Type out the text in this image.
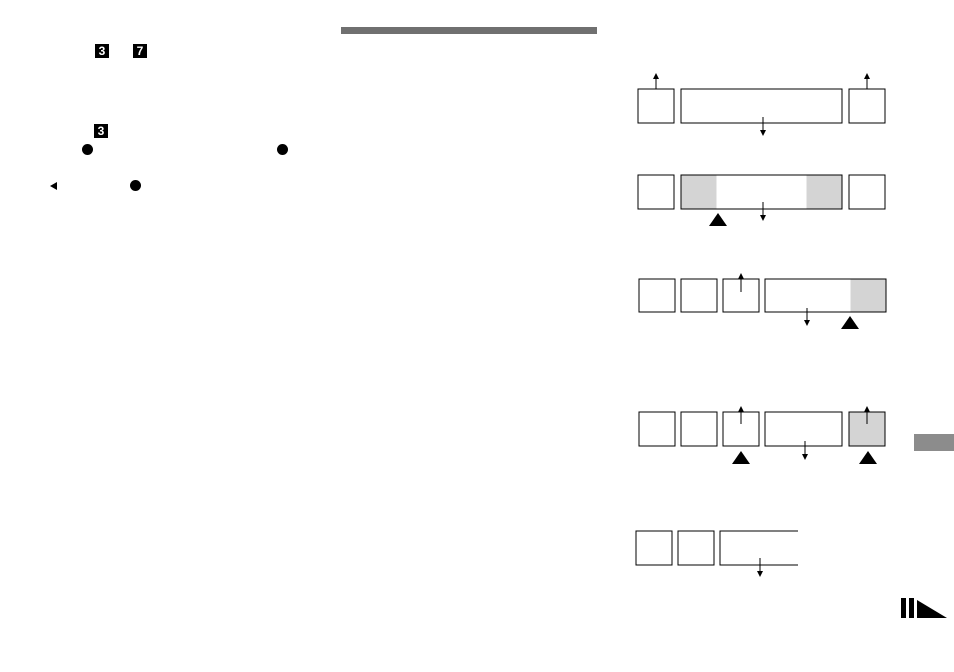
3	7
3
